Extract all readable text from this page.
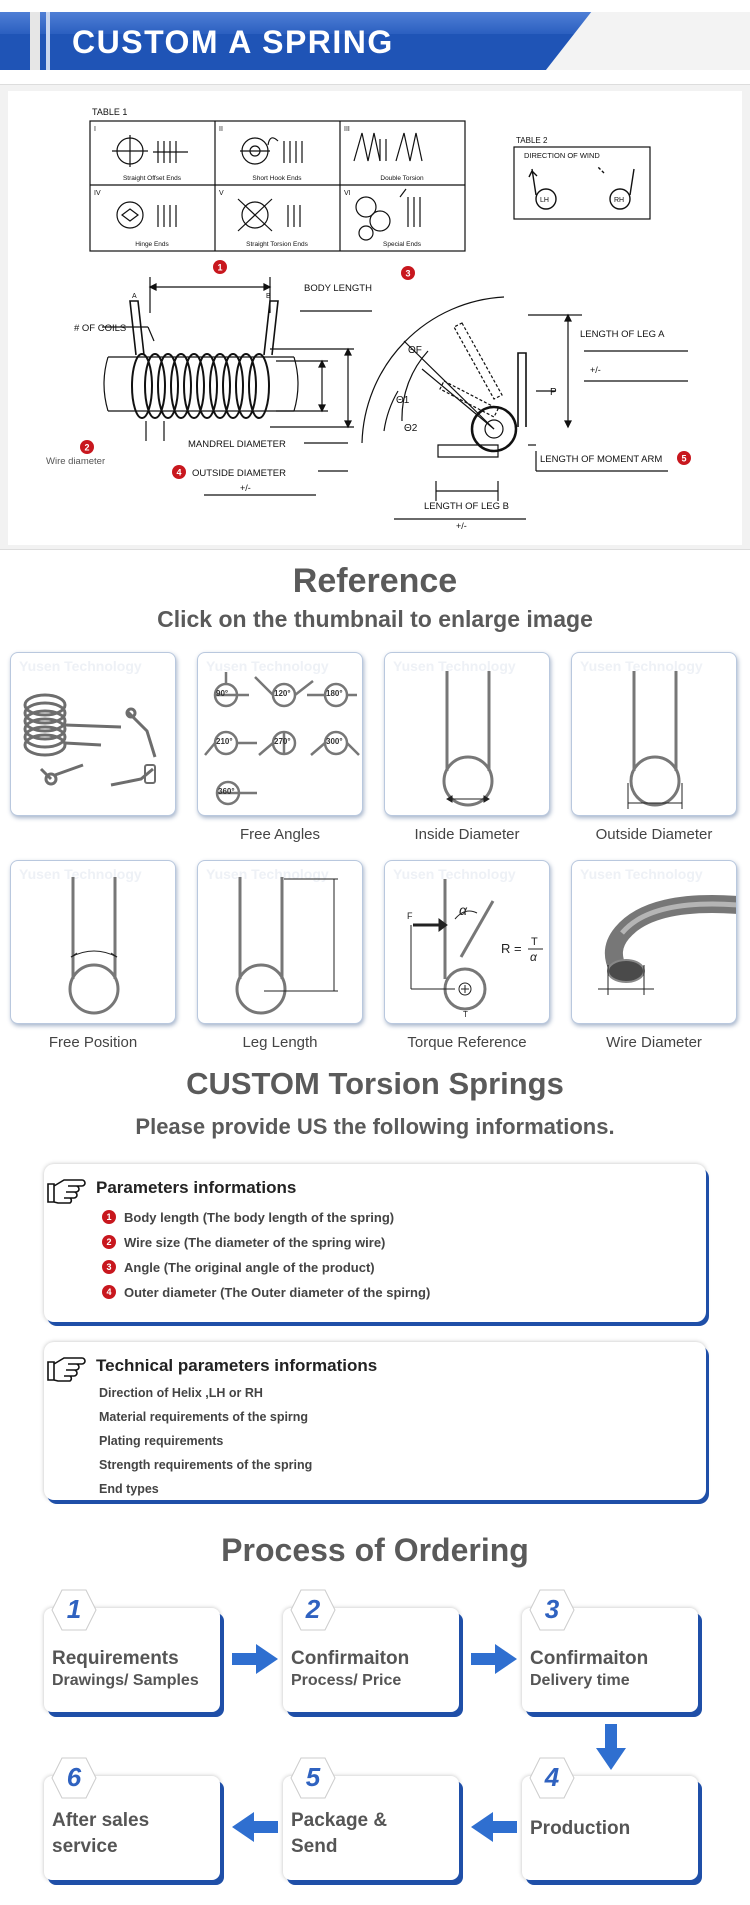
CUSTOM A SPRING
TABLE 1
I	II	III
IV	V	VI
Straight Offset Ends	Short Hook Ends	Double Torsion
Hinge Ends	Straight Torsion Ends	Special Ends
TABLE 2
DIRECTION OF WIND
LH	RH
A	B
BODY LENGTH
# OF COILS
Wire diameter
MANDREL DIAMETER
OUTSIDE DIAMETER
+/-
ΘF
Θ1
Θ2
P
LENGTH OF LEG A
+/-
LENGTH OF MOMENT ARM
LENGTH OF LEG B
+/-
1
2
3
4
5
Reference
Click on the thumbnail to enlarge image
Yusen Technology	Yusen Technology
90°	120°	180°
210°	270°	300°
360°
Yusen Technology	Yusen Technology
Free Angles	Inside Diameter	Outside Diameter
Yusen Technology	Yusen Technology	Yusen Technology
F	α
T
R = T
α
Yusen Technology
Free Position	Leg Length	Torque Reference	Wire Diameter
CUSTOM Torsion Springs
Please provide US the following informations.
Parameters informations
1 Body length (The body length of the spring)
2 Wire size (The diameter of the spring wire)
3 Angle (The original angle of the product)
4 Outer diameter (The Outer diameter of the spirng)
Technical parameters informations
Direction of Helix ,LH or RH
Material requirements of the spirng
Plating requirements
Strength requirements of the spring
End types
Process of Ordering
1
Requirements
Drawings/ Samples
2
Confirmaiton
Process/ Price
3
Confirmaiton
Delivery time
4
Production
5
Package &
Send
6
After sales
service
